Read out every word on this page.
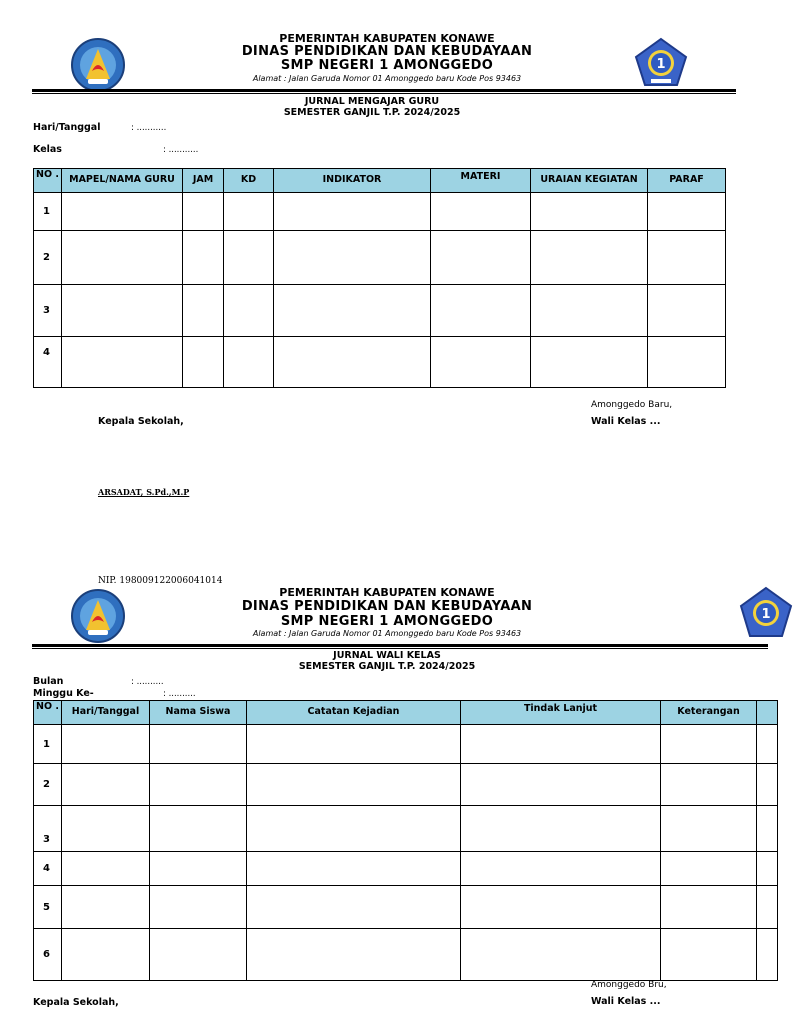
1
PEMERINTAH KABUPATEN KONAWE
DINAS PENDIDIKAN DAN KEBUDAYAAN
SMP NEGERI 1 AMONGGEDO
Alamat : Jalan Garuda Nomor 01 Amonggedo baru Kode Pos 93463
JURNAL MENGAJAR GURU
SEMESTER GANJIL T.P. 2024/2025
Hari/Tanggal	: ...........
Kelas	: ...........
NO .	MAPEL/NAMA GURU	JAM	KD	INDIKATOR	MATERI	URAIAN KEGIATAN	PARAF
1							
2							
3							
4							
Amonggedo Baru,
Wali Kelas ...
Kepala Sekolah,
ARSADAT, S.Pd.,M.P
NIP. 198009122006041014
1
PEMERINTAH KABUPATEN KONAWE
DINAS PENDIDIKAN DAN KEBUDAYAAN
SMP NEGERI 1 AMONGGEDO
Alamat : Jalan Garuda Nomor 01 Amonggedo baru Kode Pos 93463
JURNAL WALI KELAS
SEMESTER GANJIL T.P. 2024/2025
Bulan	: ..........
Minggu Ke-	: ..........
NO .	Hari/Tanggal	Nama Siswa	Catatan Kejadian	Tindak Lanjut	Keterangan	
1						
2						
3						
4						
5						
6						
Amonggedo Bru,
Wali Kelas ...
Kepala Sekolah,
